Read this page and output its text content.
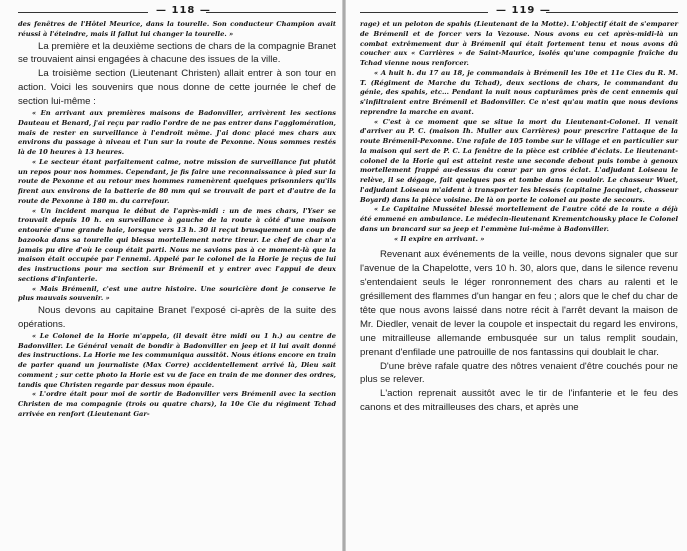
— 118 —

des fenêtres de l'Hôtel Meurice, dans la tourelle. Son conducteur Champion avait réussi à l'éteindre, mais il fallut lui changer la tourelle. »

La première et la deuxième sections de chars de la compagnie Branet se trouvaient ainsi engagées à chacune des issues de la ville.

La troisième section (Lieutenant Christen) allait entrer à son tour en action. Voici les souvenirs que nous donne de cette journée le chef de section lui-même :

« En arrivant aux premières maisons de Badonviller, arrivèrent les sections Dauteau et Benard, j'ai reçu par radio l'ordre de ne pas entrer dans l'agglomération, mais de rester en surveillance à l'endroit même. J'ai donc placé mes chars aux environs du passage à niveau et l'un sur la route de Pexonne. Nous sommes restés là de 10 heures à 13 heures.

« Le secteur étant parfaitement calme, notre mission de surveillance fut plutôt un repos pour nos hommes. Cependant, je fis faire une reconnaissance à pied sur la route de Pexonne et au retour mes hommes ramenèrent quelques prisonniers qu'ils firent aux environs de la batterie de 80 mm qui se trouvait de part et d'autre de la route de Pexonne à 180 m. du carrefour.

« Un incident marqua le début de l'après-midi : un de mes chars, l'Yser se trouvait depuis 10 h. en surveillance à gauche de la route à côté d'une maison entourée d'une grande haie, lorsque vers 13 h. 30 il reçut brusquement un coup de bazooka dans sa tourelle qui blessa mortellement notre tireur. Le chef de char n'a jamais pu dire d'où le coup était parti. Nous ne savions pas à ce moment-là que la maison était occupée par l'ennemi. Appelé par le colonel de la Horie je reçus de lui des instructions pour ma section sur Brémenil et y entrer avec l'appui de deux sections d'infanterie.

« Mais Brémenil, c'est une autre histoire. Une souricière dont je conserve le plus mauvais souvenir. »

Nous devons au capitaine Branet l'exposé ci-après de la suite des opérations.

« Le Colonel de la Horie m'appela, (il devait être midi ou 1 h.) au centre de Badonviller. Le Général venait de bondir à Badonviller en jeep et il lui avait donné des instructions. La Horie me les communiqua aussitôt. Nous étions encore en train de parler quand un journaliste (Max Corre) accidentellement arrivé là, Dieu sait comment ; sur cette photo la Horie est vu de face en train de me donner des ordres, tandis que Christen regarde par dessus mon épaule.

« L'ordre était pour moi de sortir de Badonviller vers Brémenil avec la section Christen de ma compagnie (trois ou quatre chars), la 10e Cie du régiment Tchad arrivée en renfort (Lieutenant Gar-

— 119 —

rage) et un peloton de spahis (Lieutenant de la Motte). L'objectif était de s'emparer de Brémenil et de forcer vers la Vezouse. Nous avons eu cet après-midi-là un combat extrêmement dur à Brémenil qui était fortement tenu et nous avons dû coucher aux « Carrières » de Saint-Maurice, isolés qu'une compagnie fraîche du Tchad vienne nous renforcer.

« A huit h. du 17 au 18, je commandais à Brémenil les 10e et 11e Cies du R. M. T. (Régiment de Marche du Tchad), deux sections de chars, le commandant du génie, des spahis, etc... Pendant la nuit nous capturâmes près de cent ennemis qui s'infiltraient entre Brémenil et Badonviller. Ce n'est qu'au matin que nous devions reprendre la marche en avant.

« C'est à ce moment que se situe la mort du Lieutenant-Colonel. Il venait d'arriver au P. C. (maison Ih. Muller aux Carrières) pour prescrire l'attaque de la route Brémenil-Pexonne. Une rafale de 105 tombe sur le village et en particulier sur la maison qui sert de P. C. La fenêtre de la pièce est criblée d'éclats. Le lieutenant-colonel de la Horie qui est atteint reste une seconde debout puis tombe à genoux mortellement frappé au-dessus du cœur par un gros éclat. L'adjudant Loiseau le relève, il se dégage, fait quelques pas et tombe dans le couloir. Le chasseur Wuet, l'adjudant Loiseau m'aident à transporter les blessés (capitaine Jacquinet, chasseur Boyard) dans la pièce voisine. De là on porte le colonel au poste de secours.

« Le Capitaine Mussétel blessé mortellement de l'autre côté de la route a déjà été emmené en ambulance. Le médecin-lieutenant Krementchousky place le Colonel dans un brancard sur sa jeep et l'emmène lui-même à Badonviller.

« Il expire en arrivant. »

Revenant aux événements de la veille, nous devons signaler que sur l'avenue de la Chapelotte, vers 10 h. 30, alors que, dans le silence revenu s'entendaient seuls le léger ronronnement des chars au ralenti et le grésillement des flammes d'un hangar en feu ; alors que le chef du char de tête que nous avons laissé dans notre récit à l'arrêt devant la maison de Mr. Diedler, venait de lever la coupole et inspectait du regard les environs, une mitrailleuse allemande embusquée sur un talus remplit soudain, prenant d'enfilade une patrouille de nos fantassins qui doublait le char.

D'une brève rafale quatre des nôtres venaient d'être couchés pour ne plus se relever.

L'action reprenait aussitôt avec le tir de l'infanterie et le feu des canons et des mitrailleuses des chars, et après une
